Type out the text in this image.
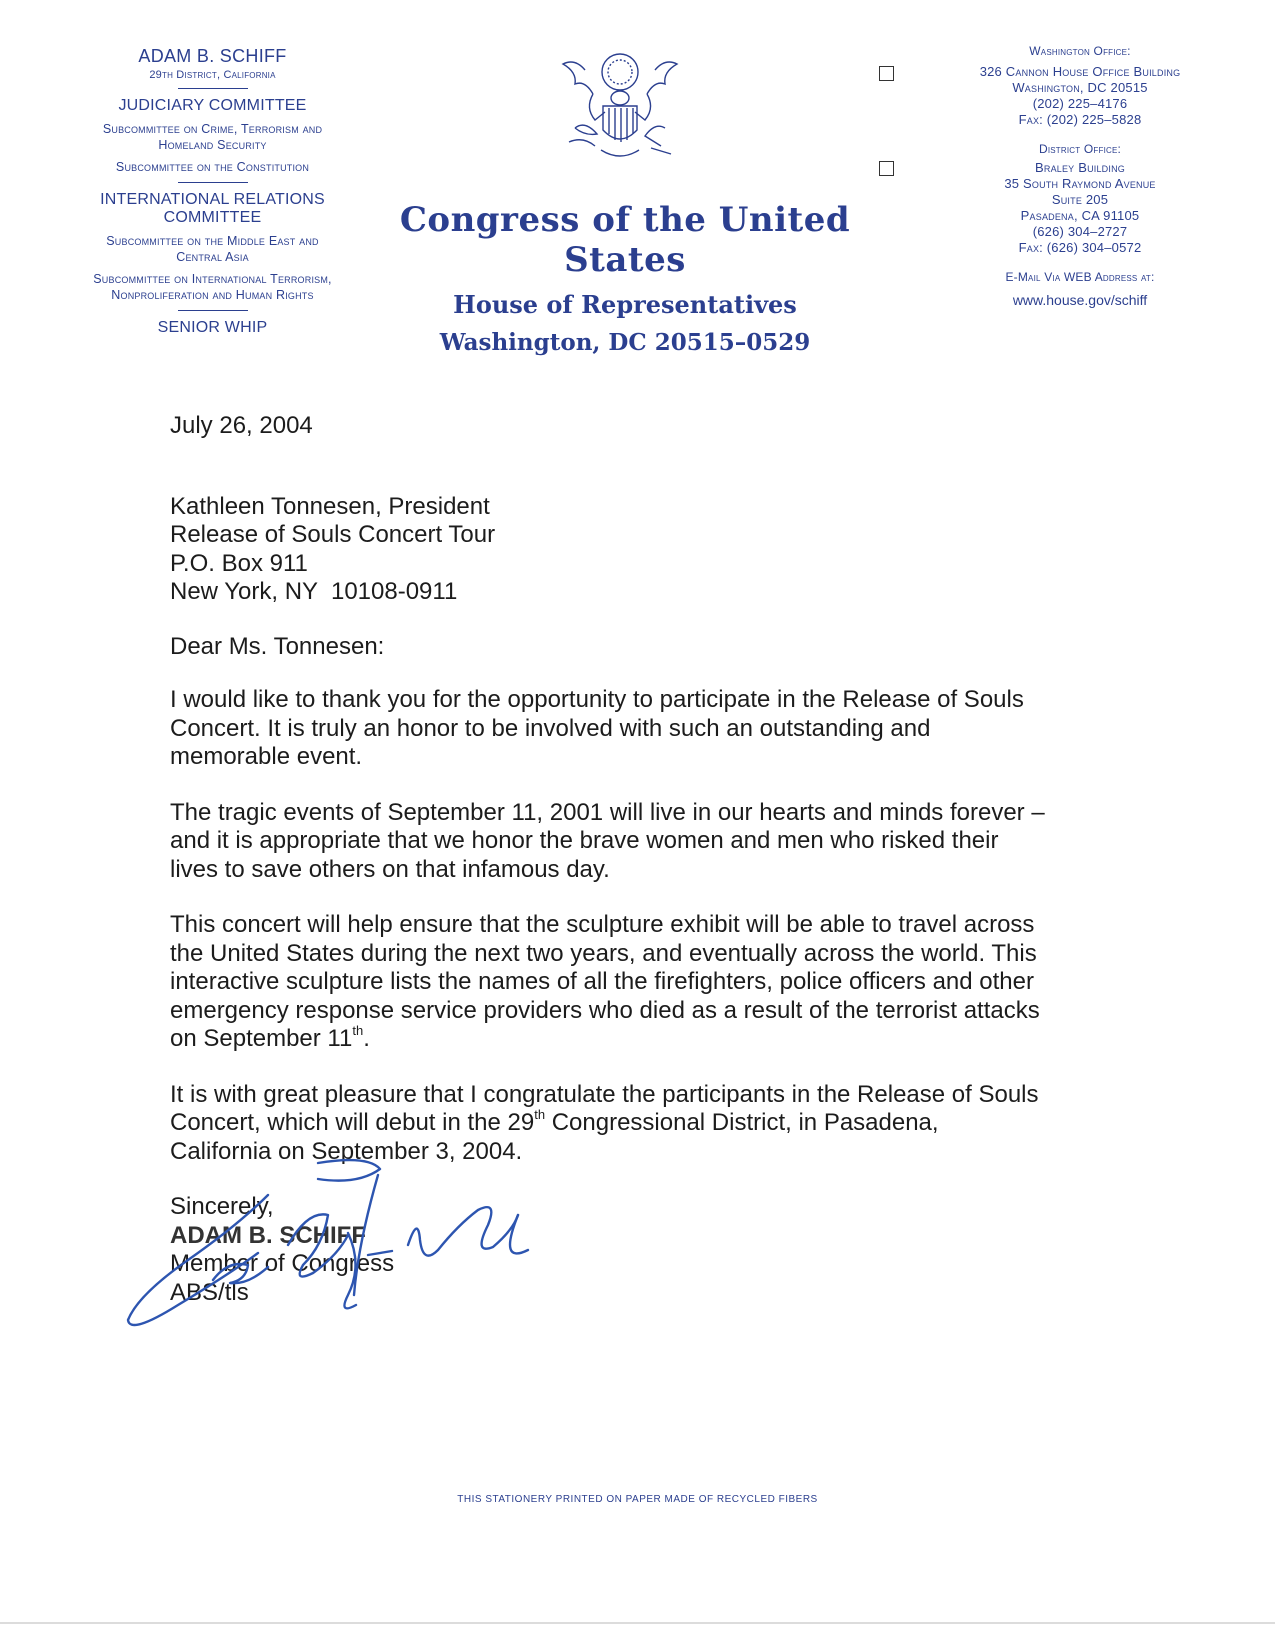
ADAM B. SCHIFF
29th District, California
JUDICIARY COMMITTEE
Subcommittee on Crime, Terrorism and
Homeland Security
Subcommittee on the Constitution
INTERNATIONAL RELATIONS
COMMITTEE
Subcommittee on the Middle East and
Central Asia
Subcommittee on International Terrorism,
Nonproliferation and Human Rights
SENIOR WHIP
Congress of the United States
House of Representatives
Washington, DC 20515–0529
Washington Office:
326 Cannon House Office Building
Washington, DC 20515
(202) 225–4176
Fax: (202) 225–5828
District Office:
Braley Building
35 South Raymond Avenue
Suite 205
Pasadena, CA 91105
(626) 304–2727
Fax: (626) 304–0572
E-Mail Via WEB Address at:
www.house.gov/schiff

July 26, 2004

Kathleen Tonnesen, President

Release of Souls Concert Tour

P.O. Box 911

New York, NY  10108-0911

Dear Ms. Tonnesen:

I would like to thank you for the opportunity to participate in the Release of Souls Concert. It is truly an honor to be involved with such an outstanding and memorable event.

The tragic events of September 11, 2001 will live in our hearts and minds forever – and it is appropriate that we honor the brave women and men who risked their lives to save others on that infamous day.

This concert will help ensure that the sculpture exhibit will be able to travel across the United States during the next two years, and eventually across the world. This interactive sculpture lists the names of all the firefighters, police officers and other emergency response service providers who died as a result of the terrorist attacks on September 11th.

It is with great pleasure that I congratulate the participants in the Release of Souls Concert, which will debut in the 29th Congressional District, in Pasadena, California on September 3, 2004.

Sincerely,

ADAM B. SCHIFF

Member of Congress

ABS/tls

THIS STATIONERY PRINTED ON PAPER MADE OF RECYCLED FIBERS
